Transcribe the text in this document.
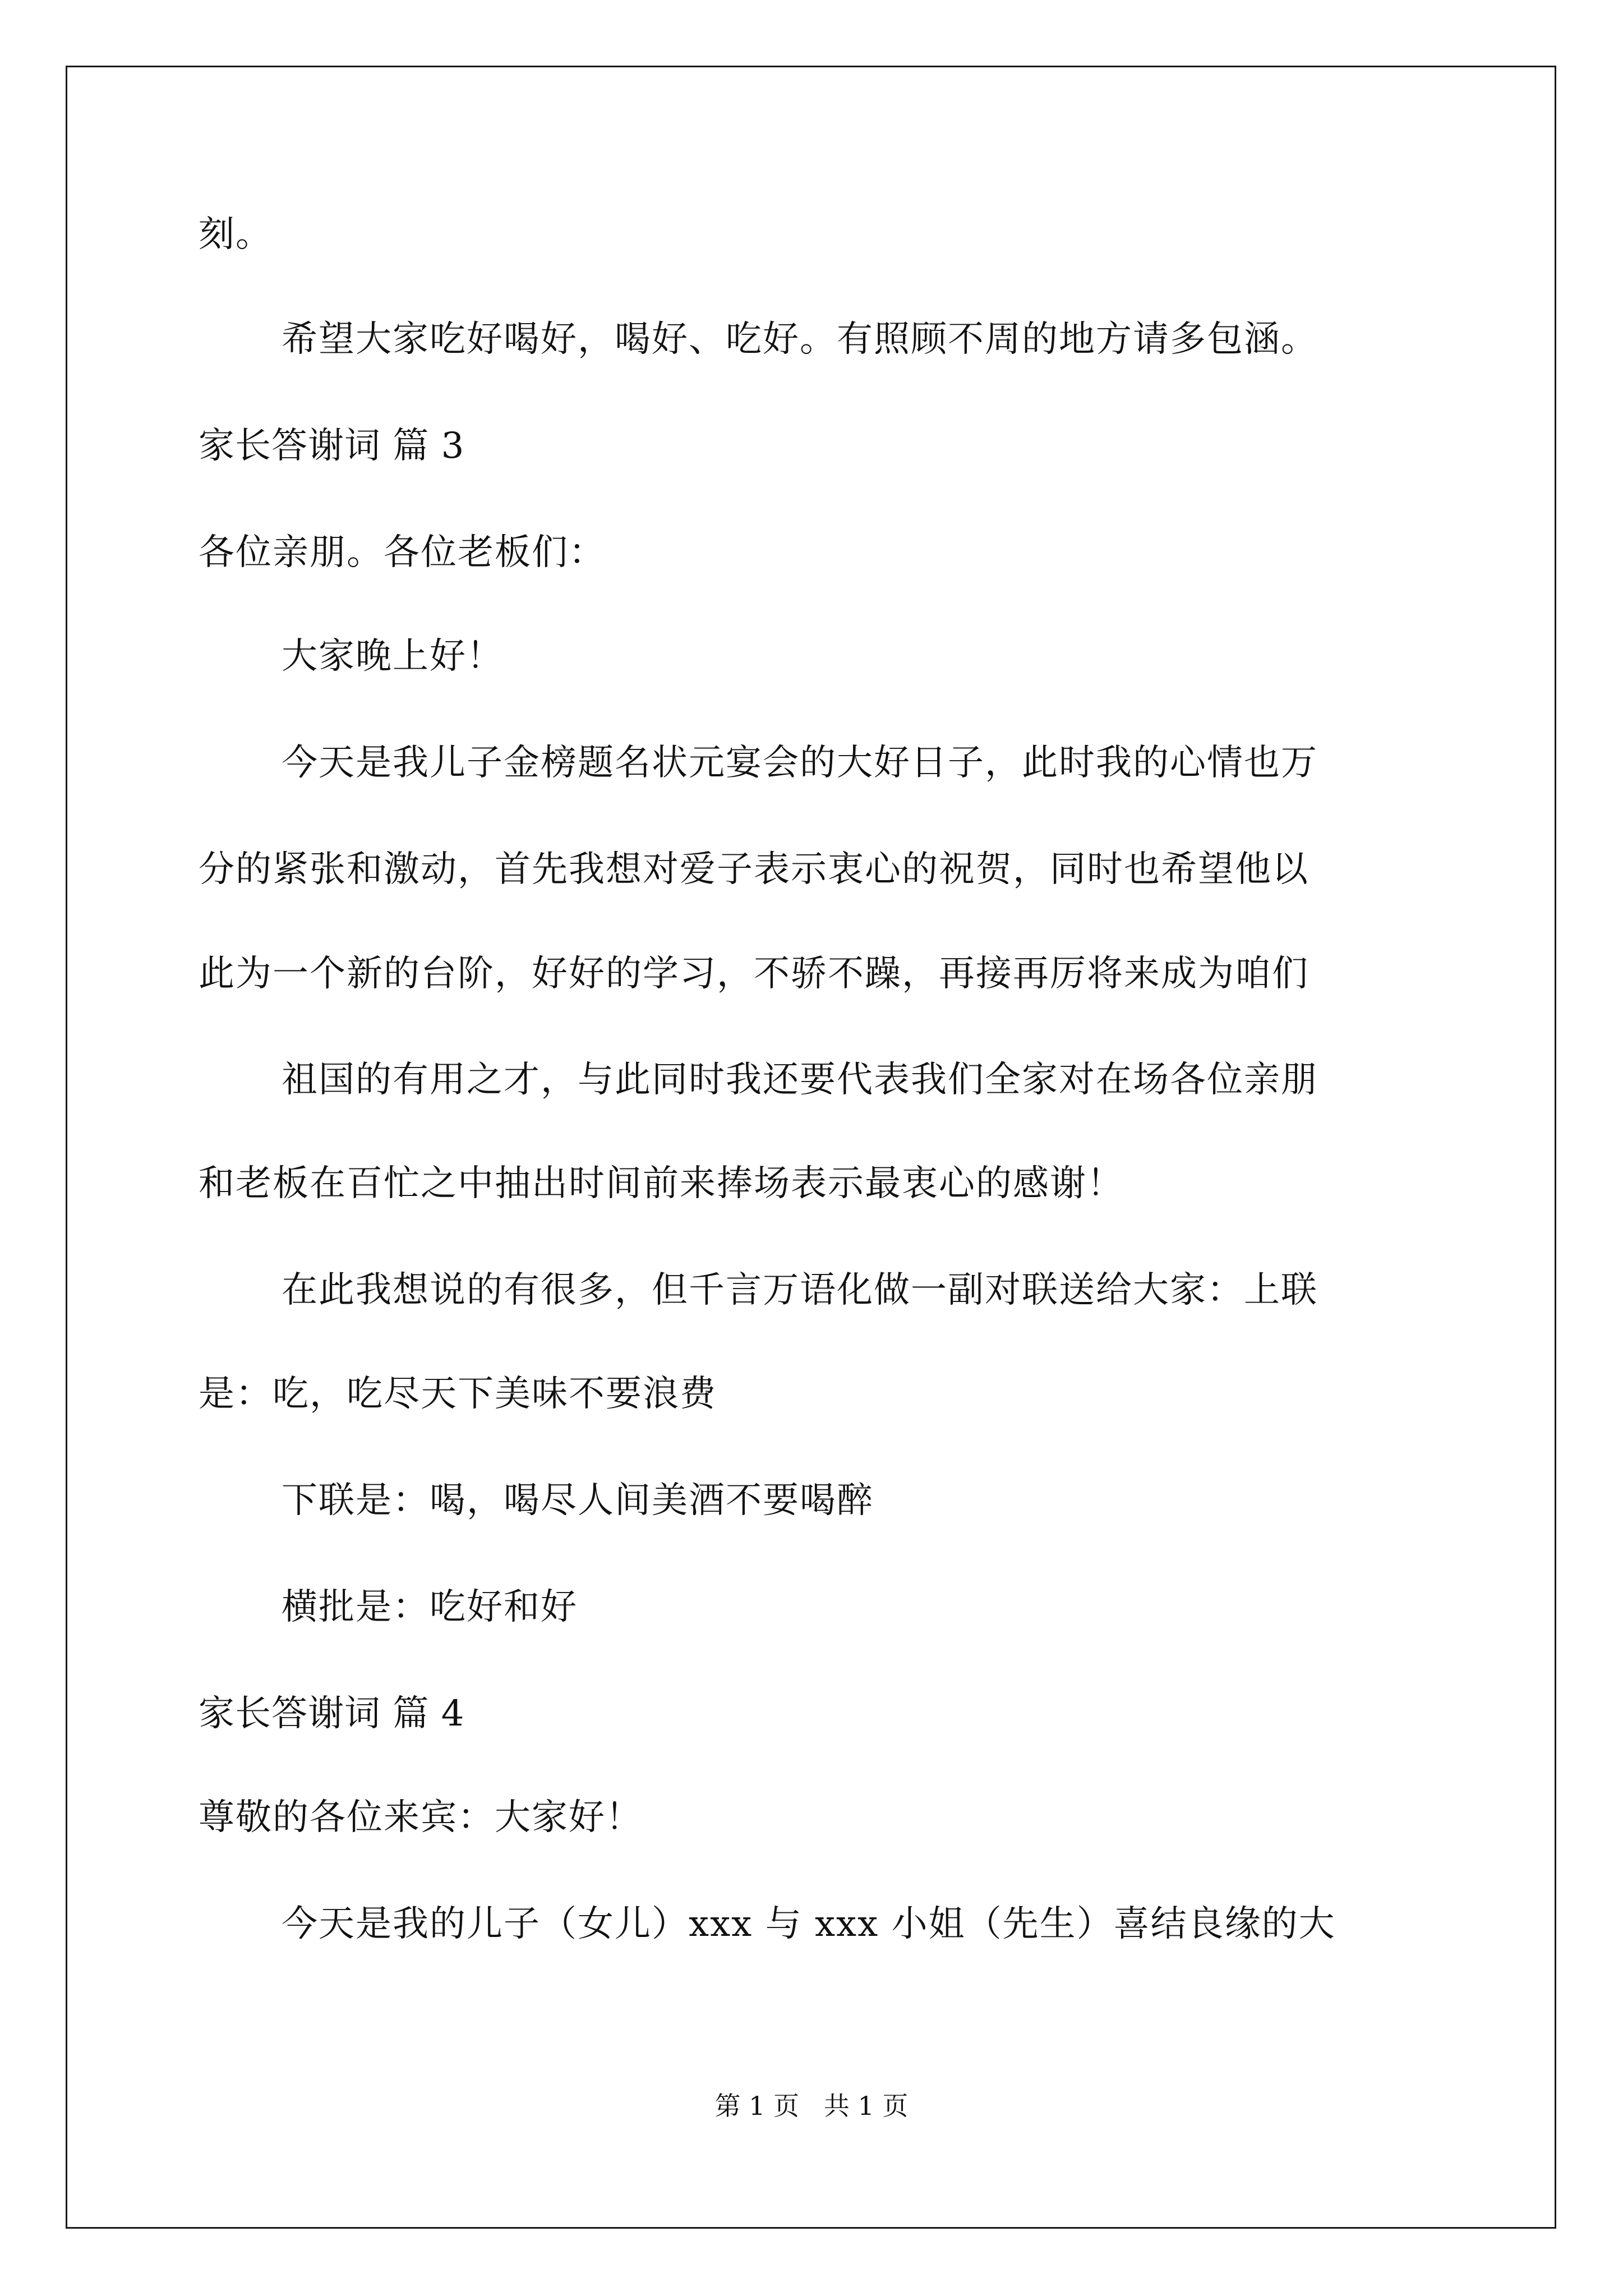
刻。
希望大家吃好喝好，喝好、吃好。有照顾不周的地方请多包涵。
家长答谢词 篇 3
各位亲朋。各位老板们：
大家晚上好！
今天是我儿子金榜题名状元宴会的大好日子，此时我的心情也万
分的紧张和激动，首先我想对爱子表示衷心的祝贺，同时也希望他以
此为一个新的台阶，好好的学习，不骄不躁，再接再厉将来成为咱们
祖国的有用之才，与此同时我还要代表我们全家对在场各位亲朋
和老板在百忙之中抽出时间前来捧场表示最衷心的感谢！
在此我想说的有很多，但千言万语化做一副对联送给大家：上联
是：吃，吃尽天下美味不要浪费
下联是：喝，喝尽人间美酒不要喝醉
横批是：吃好和好
家长答谢词 篇 4
尊敬的各位来宾：大家好！
今天是我的儿子（女儿）xxx 与 xxx 小姐（先生）喜结良缘的大
第 1 页   共 1 页
